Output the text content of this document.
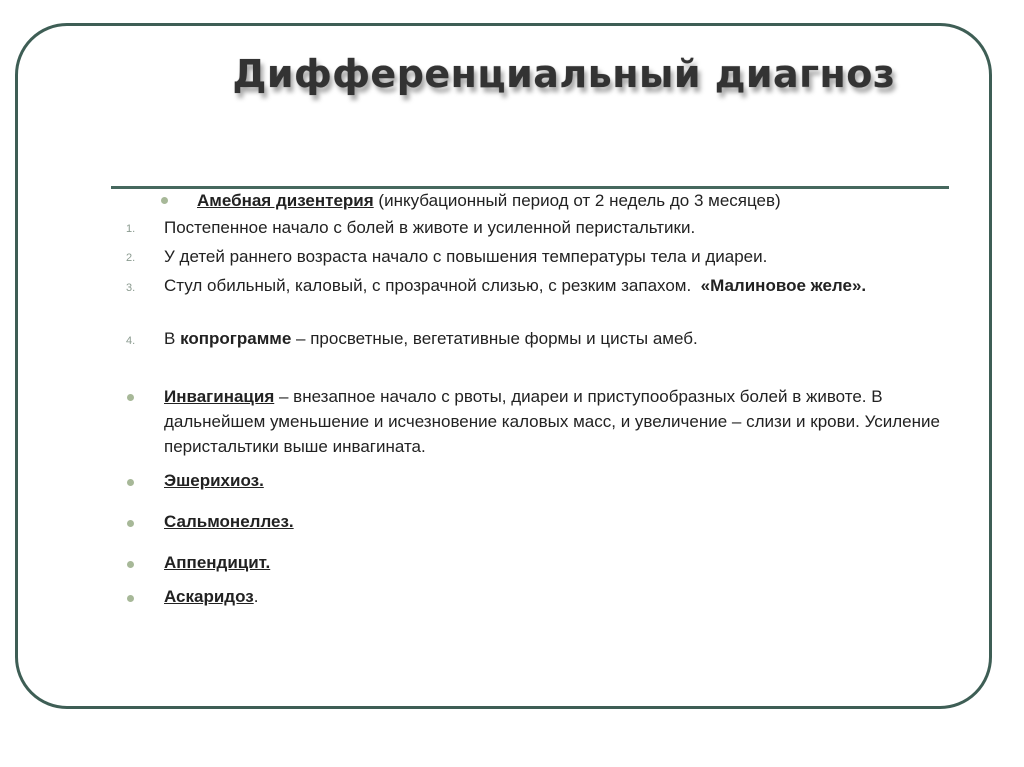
Дифференциальный диагноз
Амебная дизентерия (инкубационный период от 2 недель до 3 месяцев)
1. Постепенное начало с болей в животе и усиленной перистальтики.
2. У детей раннего возраста начало с повышения температуры тела и диареи.
3. Стул обильный, каловый, с прозрачной слизью, с резким запахом. «Малиновое желе».
4. В копрограмме – просветные, вегетативные формы и цисты амеб.
Инвагинация – внезапное начало с рвоты, диареи и приступообразных болей в животе. В дальнейшем уменьшение и исчезновение каловых масс, и увеличение – слизи и крови. Усиление перистальтики выше инвагината.
Эшерихиоз.
Сальмонеллез.
Аппендицит.
Аскаридоз.
